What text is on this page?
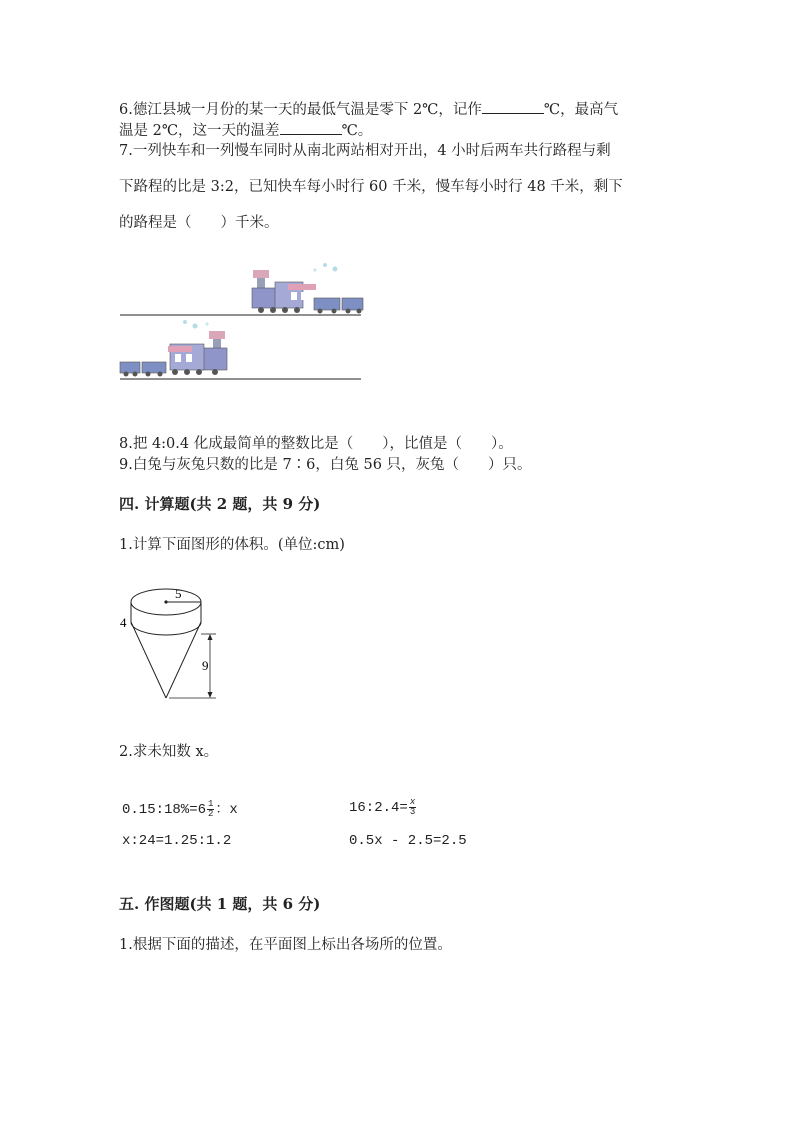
6.德江县城一月份的某一天的最低气温是零下 2℃，记作	℃，最高气
温是 2℃，这一天的温差	℃。
7.一列快车和一列慢车同时从南北两站相对开出，4 小时后两车共行路程与剩
下路程的比是 3:2，已知快车每小时行 60 千米，慢车每小时行 48 千米，剩下
的路程是（　　）千米。
8.把 4:0.4 化成最简单的整数比是（　　），比值是（　　）。
9.白兔与灰兔只数的比是 7∶6，白兔 56 只，灰兔（　　）只。
四. 计算题(共 2 题，共 9 分)
1.计算下面图形的体积。(单位:cm)
5
4
9
2.求未知数 x。
0.15:18%=6 $\frac{1}{2}$ ：x	16:2.4= $\frac{x}{3}$
x:24=1.25:1.2	0.5x - 2.5=2.5
五. 作图题(共 1 题，共 6 分)
1.根据下面的描述，在平面图上标出各场所的位置。
